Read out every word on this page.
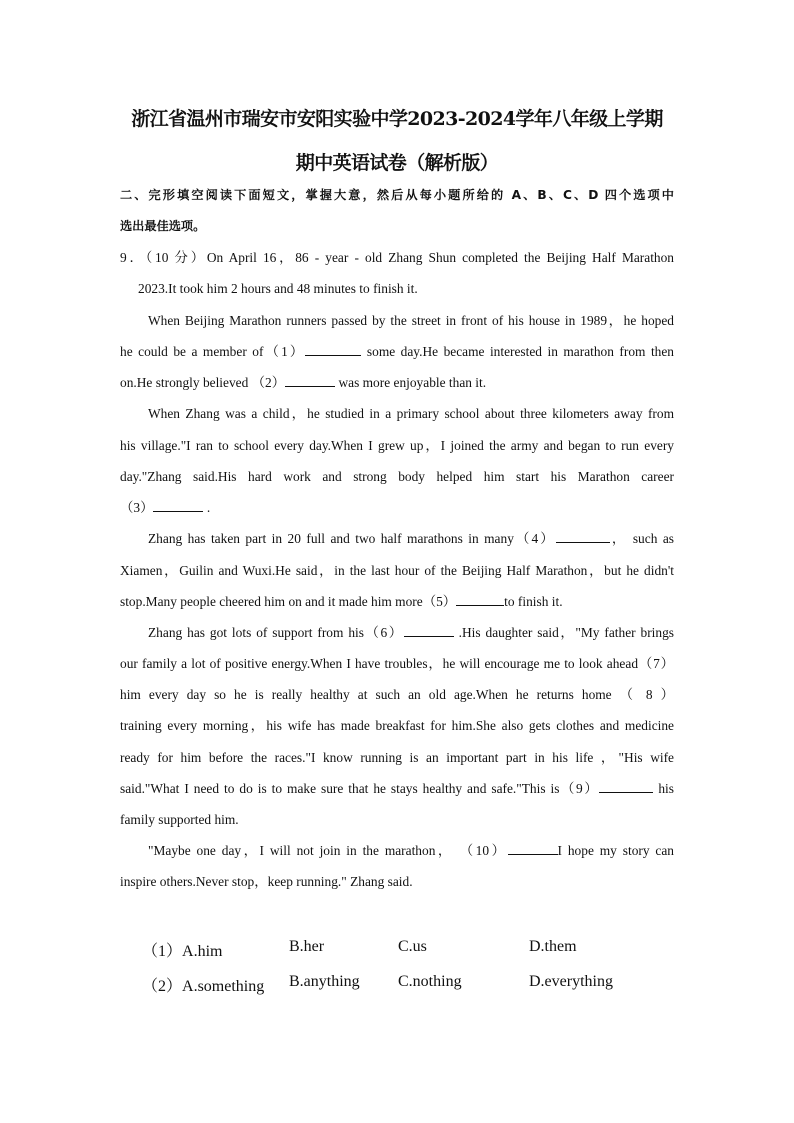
浙江省温州市瑞安市安阳实验中学2023-2024学年八年级上学期
期中英语试卷（解析版）
二、完形填空阅读下面短文，掌握大意，然后从每小题所给的 A、B、C、D 四个选项中
选出最佳选项。
9．（10 分）On April 16，86 - year - old Zhang Shun completed the Beijing Half Marathon
2023.It took him 2 hours and 48 minutes to finish it.
When Beijing Marathon runners passed by the street in front of his house in 1989，he hoped
he could be a member of（1）	some day.He became interested in marathon from then
on.He strongly believed （2）	was more enjoyable than it.
When Zhang was a child，he studied in a primary school about three kilometers away from
his village."I ran to school every day.When I grew up，I joined the army and began to run every
day."Zhang said.His hard work and strong body helped him start his Marathon career
（3）	.
Zhang has taken part in 20 full and two half marathons in many（4）	， such as
Xiamen，Guilin and Wuxi.He said，in the last hour of the Beijing Half Marathon，but he didn't
stop.Many people cheered him on and it made him more（5）	to finish it.
Zhang has got lots of support from his（6）	.His daughter said，"My father brings
our family a lot of positive energy.When I have troubles，he will encourage me to look ahead（7）
him every day so he is really healthy at such an old age.When he returns home （ 8 ）
training every morning，his wife has made breakfast for him.She also gets clothes and medicine
ready for him before the races."I know running is an important part in his life ，"His wife
said."What I need to do is to make sure that he stays healthy and safe."This is（9）	his
family supported him.
"Maybe one day，I will not join in the marathon， （10）	I hope my story can
inspire others.Never stop，keep running." Zhang said.
（1）A.him	B.her	C.us	D.them
（2）A.something B.anything C.nothing	D.everything
